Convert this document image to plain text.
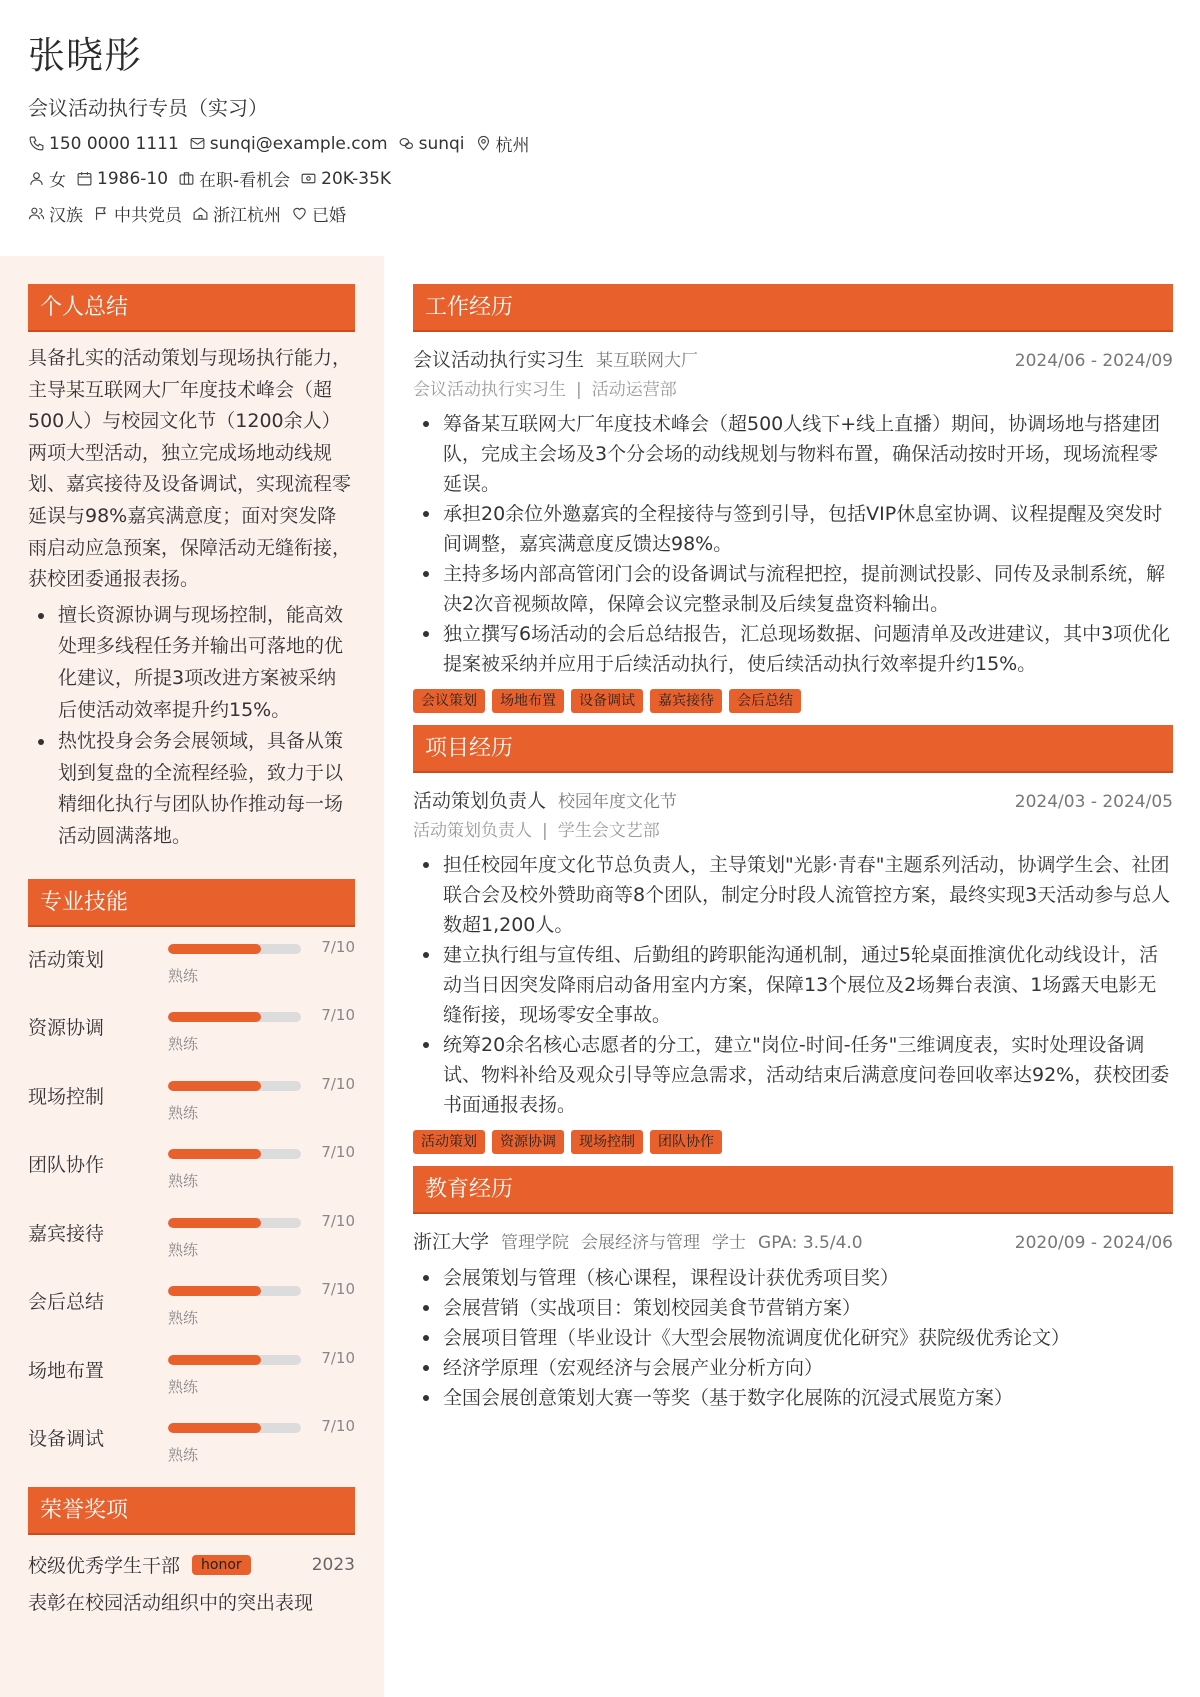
张晓彤
会议活动执行专员（实习）
150 0000 1111 sunqi@example.com sunqi 杭州
女 1986-10 在职-看机会 20K-35K
汉族 中共党员 浙江杭州 已婚
个人总结
具备扎实的活动策划与现场执行能力，主导某互联网大厂年度技术峰会（超500人）与校园文化节（1200余人）两项大型活动，独立完成场地动线规划、嘉宾接待及设备调试，实现流程零延误与98%嘉宾满意度；面对突发降雨启动应急预案，保障活动无缝衔接，获校团委通报表扬。
擅长资源协调与现场控制，能高效处理多线程任务并输出可落地的优化建议，所提3项改进方案被采纳后使活动效率提升约15%。
热忱投身会务会展领域，具备从策划到复盘的全流程经验，致力于以精细化执行与团队协作推动每一场活动圆满落地。
专业技能
活动策划
7/10
熟练
资源协调
7/10
熟练
现场控制
7/10
熟练
团队协作
7/10
熟练
嘉宾接待
7/10
熟练
会后总结
7/10
熟练
场地布置
7/10
熟练
设备调试
7/10
熟练
荣誉奖项
校级优秀学生干部	honor	2023
表彰在校园活动组织中的突出表现
工作经历
会议活动执行实习生 某互联网大厂	2024/06 - 2024/09
会议活动执行实习生 | 活动运营部
筹备某互联网大厂年度技术峰会（超500人线下+线上直播）期间，协调场地与搭建团队，完成主会场及3个分会场的动线规划与物料布置，确保活动按时开场，现场流程零延误。
承担20余位外邀嘉宾的全程接待与签到引导，包括VIP休息室协调、议程提醒及突发时间调整，嘉宾满意度反馈达98%。
主持多场内部高管闭门会的设备调试与流程把控，提前测试投影、同传及录制系统，解决2次音视频故障，保障会议完整录制及后续复盘资料输出。
独立撰写6场活动的会后总结报告，汇总现场数据、问题清单及改进建议，其中3项优化提案被采纳并应用于后续活动执行，使后续活动执行效率提升约15%。
会议策划	场地布置	设备调试	嘉宾接待	会后总结
项目经历
活动策划负责人 校园年度文化节	2024/03 - 2024/05
活动策划负责人 | 学生会文艺部
担任校园年度文化节总负责人，主导策划"光影·青春"主题系列活动，协调学生会、社团联合会及校外赞助商等8个团队，制定分时段人流管控方案，最终实现3天活动参与总人数超1,200人。
建立执行组与宣传组、后勤组的跨职能沟通机制，通过5轮桌面推演优化动线设计，活动当日因突发降雨启动备用室内方案，保障13个展位及2场舞台表演、1场露天电影无缝衔接，现场零安全事故。
统筹20余名核心志愿者的分工，建立"岗位-时间-任务"三维调度表，实时处理设备调试、物料补给及观众引导等应急需求，活动结束后满意度问卷回收率达92%，获校团委书面通报表扬。
活动策划	资源协调	现场控制	团队协作
教育经历
浙江大学 管理学院 会展经济与管理 学士 GPA: 3.5/4.0	2020/09 - 2024/06
会展策划与管理（核心课程，课程设计获优秀项目奖）
会展营销（实战项目：策划校园美食节营销方案）
会展项目管理（毕业设计《大型会展物流调度优化研究》获院级优秀论文）
经济学原理（宏观经济与会展产业分析方向）
全国会展创意策划大赛一等奖（基于数字化展陈的沉浸式展览方案）
